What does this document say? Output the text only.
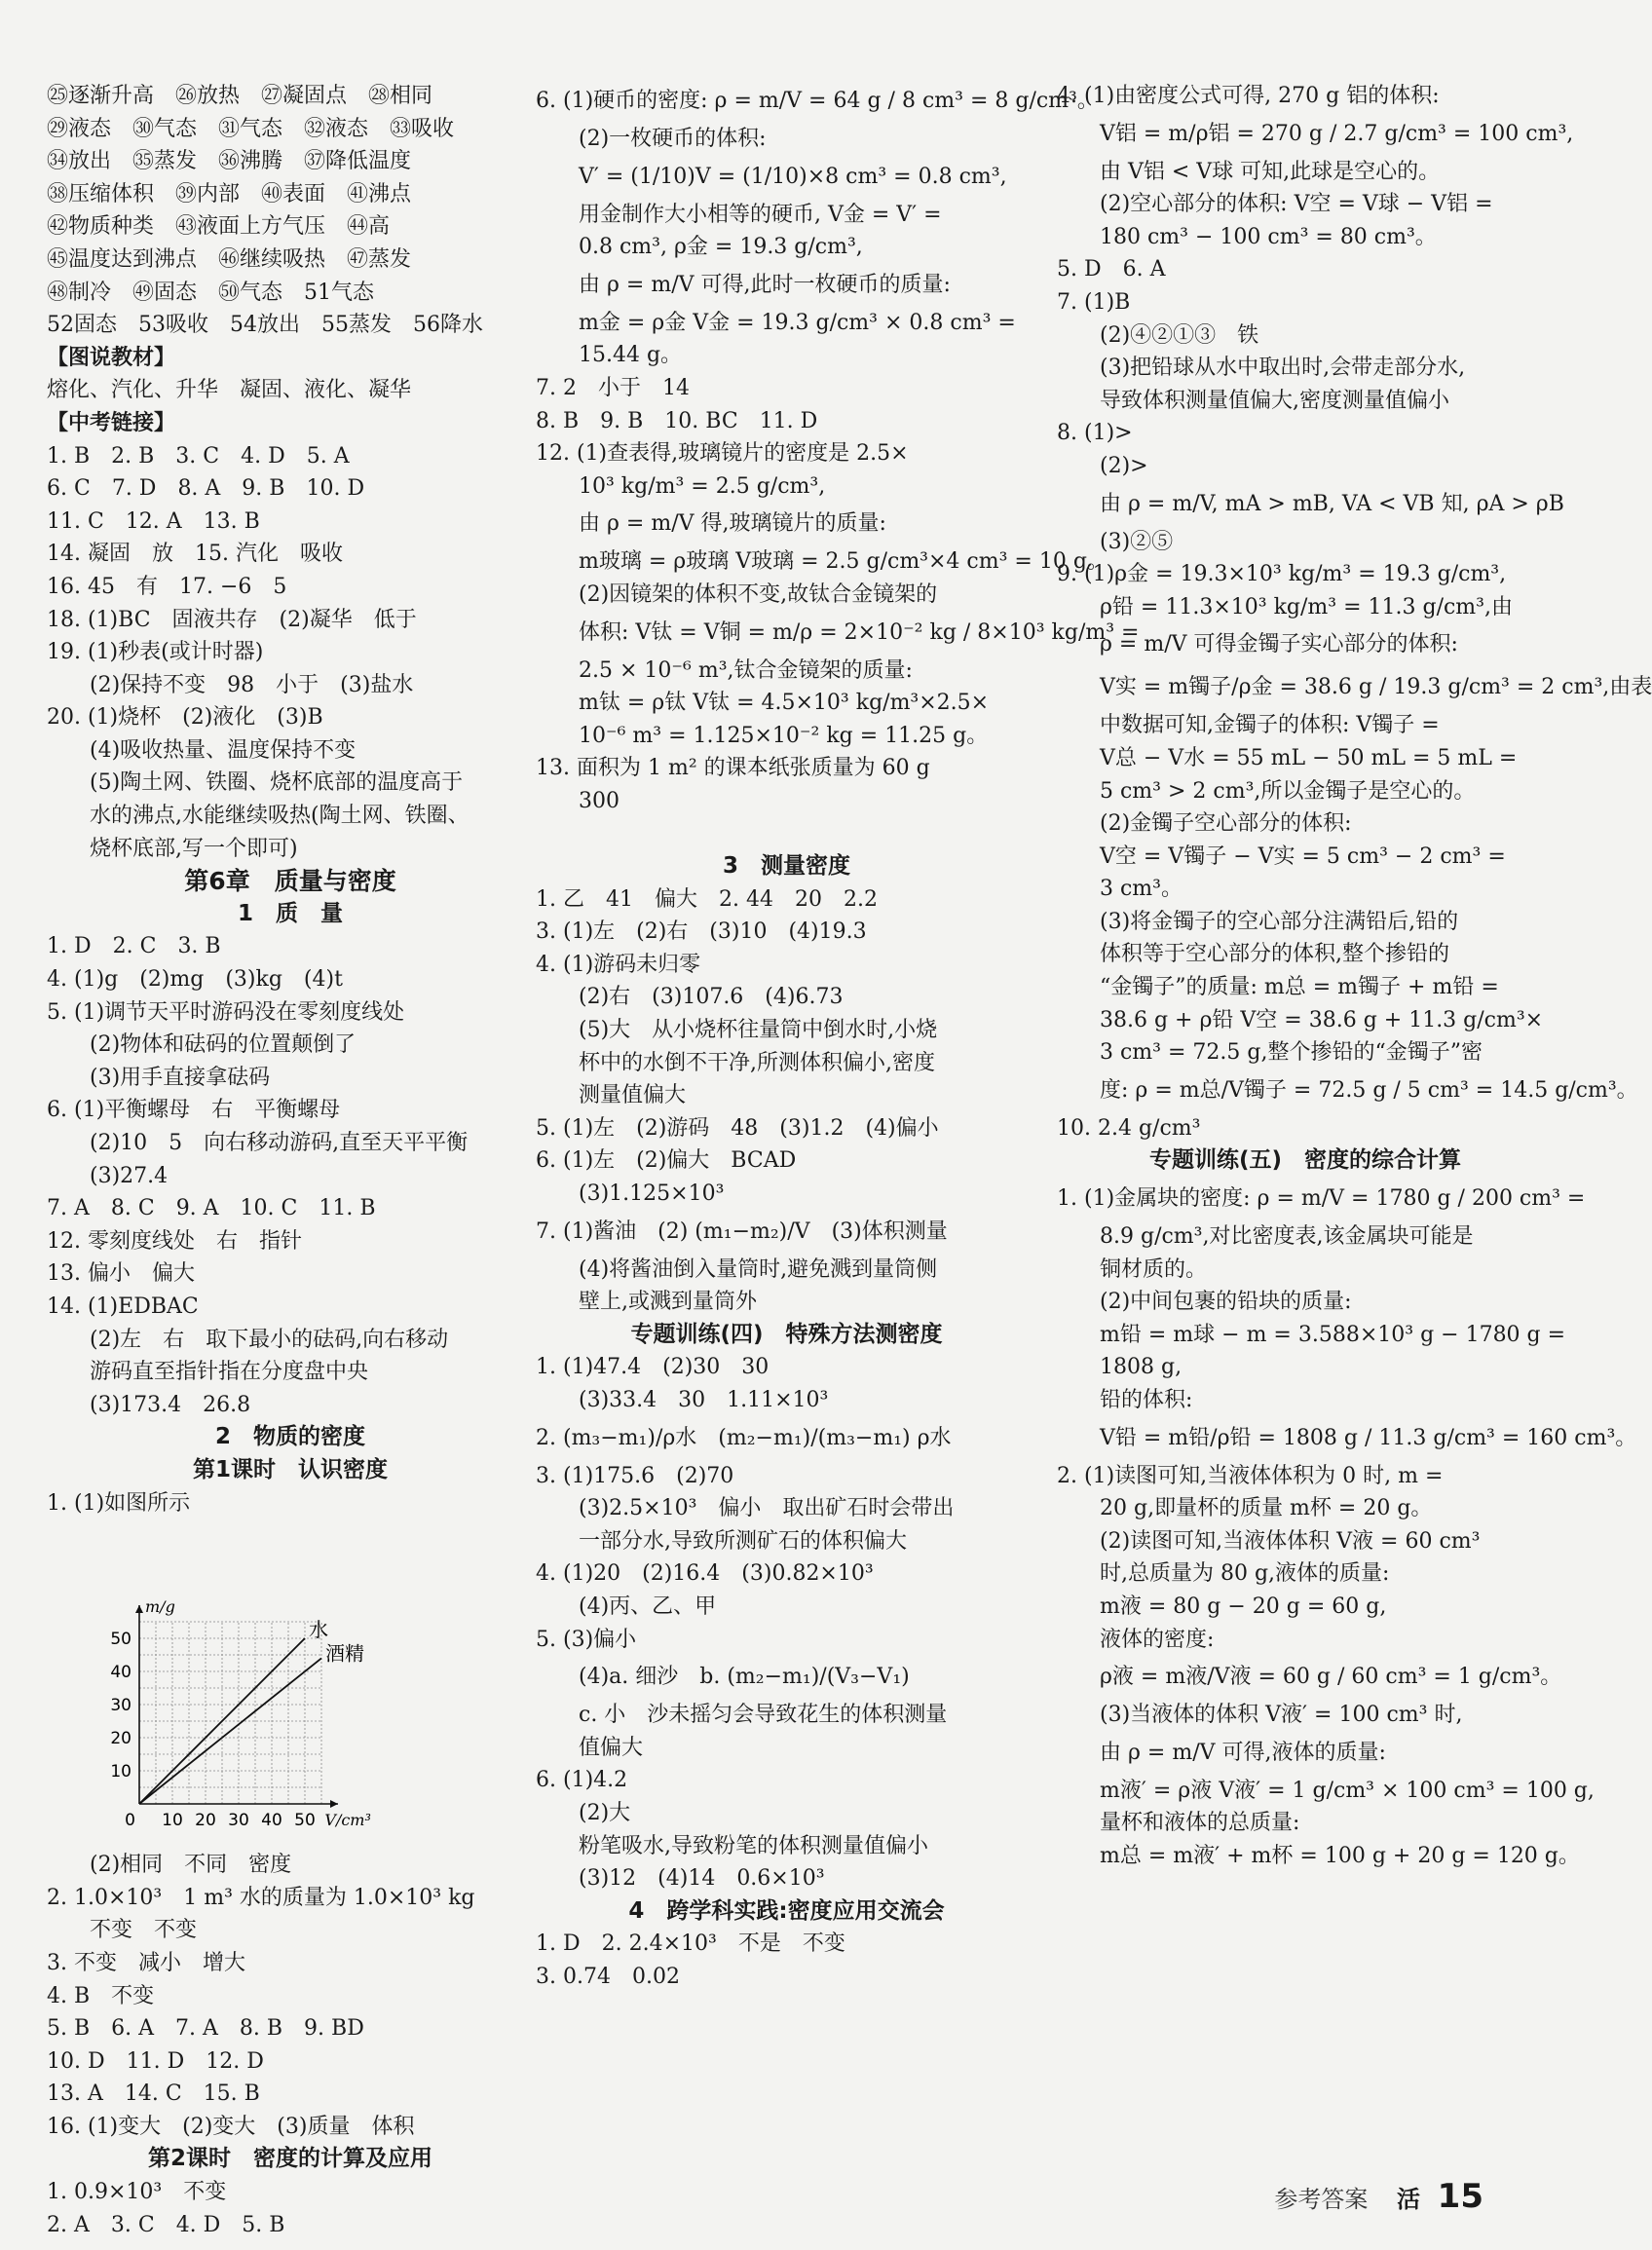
㉕逐渐升高　㉖放热　㉗凝固点　㉘相同
㉙液态　㉚气态　㉛气态　㉜液态　㉝吸收
㉞放出　㉟蒸发　㊱沸腾　㊲降低温度
㊳压缩体积　㊴内部　㊵表面　㊶沸点
㊷物质种类　㊸液面上方气压　㊹高
㊺温度达到沸点　㊻继续吸热　㊼蒸发
㊽制冷　㊾固态　㊿气态　51气态
52固态　53吸收　54放出　55蒸发　56降水
【图说教材】
熔化、汽化、升华　凝固、液化、凝华
【中考链接】
1. B　2. B　3. C　4. D　5. A
6. C　7. D　8. A　9. B　10. D
11. C　12. A　13. B
14. 凝固　放　15. 汽化　吸收
16. 45　有　17. −6　5
18. (1)BC　固液共存　(2)凝华　低于
19. (1)秒表(或计时器)
　　(2)保持不变　98　小于　(3)盐水
20. (1)烧杯　(2)液化　(3)B
　　(4)吸收热量、温度保持不变
　　(5)陶土网、铁圈、烧杯底部的温度高于
　　水的沸点,水能继续吸热(陶土网、铁圈、
　　烧杯底部,写一个即可)
第6章　质量与密度
1　质　量
1. D　2. C　3. B
4. (1)g　(2)mg　(3)kg　(4)t
5. (1)调节天平时游码没在零刻度线处
　　(2)物体和砝码的位置颠倒了
　　(3)用手直接拿砝码
6. (1)平衡螺母　右　平衡螺母
　　(2)10　5　向右移动游码,直至天平平衡
　　(3)27.4
7. A　8. C　9. A　10. C　11. B
12. 零刻度线处　右　指针
13. 偏小　偏大
14. (1)EDBAC
　　(2)左　右　取下最小的砝码,向右移动
　　游码直至指针指在分度盘中央
　　(3)173.4　26.8
2　物质的密度
第1课时　认识密度
1. (1)如图所示
10 20 30 40 50
10
20
30
40
50
0	V/cm³
m/g
水
酒精
　　(2)相同　不同　密度
2. 1.0×10³　1 m³ 水的质量为 1.0×10³ kg
　　不变　不变
3. 不变　减小　增大
4. B　不变
5. B　6. A　7. A　8. B　9. BD
10. D　11. D　12. D
13. A　14. C　15. B
16. (1)变大　(2)变大　(3)质量　体积
第2课时　密度的计算及应用
1. 0.9×10³　不变
2. A　3. C　4. D　5. B
6. (1)硬币的密度: ρ = m/V = 64 g / 8 cm³ = 8 g/cm³。
　　(2)一枚硬币的体积:
　　V′ = (1/10)V = (1/10)×8 cm³ = 0.8 cm³,
　　用金制作大小相等的硬币, V金 = V′ =
　　0.8 cm³, ρ金 = 19.3 g/cm³,
　　由 ρ = m/V 可得,此时一枚硬币的质量:
　　m金 = ρ金 V金 = 19.3 g/cm³ × 0.8 cm³ =
　　15.44 g。
7. 2　小于　14
8. B　9. B　10. BC　11. D
12. (1)查表得,玻璃镜片的密度是 2.5×
　　10³ kg/m³ = 2.5 g/cm³,
　　由 ρ = m/V 得,玻璃镜片的质量:
　　m玻璃 = ρ玻璃 V玻璃 = 2.5 g/cm³×4 cm³ = 10 g。
　　(2)因镜架的体积不变,故钛合金镜架的
　　体积: V钛 = V铜 = m/ρ = 2×10⁻² kg / 8×10³ kg/m³ =
　　2.5 × 10⁻⁶ m³,钛合金镜架的质量:
　　m钛 = ρ钛 V钛 = 4.5×10³ kg/m³×2.5×
　　10⁻⁶ m³ = 1.125×10⁻² kg = 11.25 g。
13. 面积为 1 m² 的课本纸张质量为 60 g
　　300
3　测量密度
1. 乙　41　偏大　2. 44　20　2.2
3. (1)左　(2)右　(3)10　(4)19.3
4. (1)游码未归零
　　(2)右　(3)107.6　(4)6.73
　　(5)大　从小烧杯往量筒中倒水时,小烧
　　杯中的水倒不干净,所测体积偏小,密度
　　测量值偏大
5. (1)左　(2)游码　48　(3)1.2　(4)偏小
6. (1)左　(2)偏大　BCAD
　　(3)1.125×10³
7. (1)酱油　(2) (m₁−m₂)/V　(3)体积测量
　　(4)将酱油倒入量筒时,避免溅到量筒侧
　　壁上,或溅到量筒外
专题训练(四)　特殊方法测密度
1. (1)47.4　(2)30　30
　　(3)33.4　30　1.11×10³
2. (m₃−m₁)/ρ水　(m₂−m₁)/(m₃−m₁) ρ水
3. (1)175.6　(2)70
　　(3)2.5×10³　偏小　取出矿石时会带出
　　一部分水,导致所测矿石的体积偏大
4. (1)20　(2)16.4　(3)0.82×10³
　　(4)丙、乙、甲
5. (3)偏小
　　(4)a. 细沙　b. (m₂−m₁)/(V₃−V₁)
　　c. 小　沙未摇匀会导致花生的体积测量
　　值偏大
6. (1)4.2
　　(2)大
　　粉笔吸水,导致粉笔的体积测量值偏小
　　(3)12　(4)14　0.6×10³
4　跨学科实践:密度应用交流会
1. D　2. 2.4×10³　不是　不变
3. 0.74　0.02
4. (1)由密度公式可得, 270 g 铝的体积:
　　V铝 = m/ρ铝 = 270 g / 2.7 g/cm³ = 100 cm³,
　　由 V铝 < V球 可知,此球是空心的。
　　(2)空心部分的体积: V空 = V球 − V铝 =
　　180 cm³ − 100 cm³ = 80 cm³。
5. D　6. A
7. (1)B
　　(2)④②①③　铁
　　(3)把铅球从水中取出时,会带走部分水,
　　导致体积测量值偏大,密度测量值偏小
8. (1)>
　　(2)>
　　由 ρ = m/V, mA > mB, VA < VB 知, ρA > ρB
　　(3)②⑤
9. (1)ρ金 = 19.3×10³ kg/m³ = 19.3 g/cm³,
　　ρ铅 = 11.3×10³ kg/m³ = 11.3 g/cm³,由
　　ρ = m/V 可得金镯子实心部分的体积:
　　V实 = m镯子/ρ金 = 38.6 g / 19.3 g/cm³ = 2 cm³,由表
　　中数据可知,金镯子的体积: V镯子 =
　　V总 − V水 = 55 mL − 50 mL = 5 mL =
　　5 cm³ > 2 cm³,所以金镯子是空心的。
　　(2)金镯子空心部分的体积:
　　V空 = V镯子 − V实 = 5 cm³ − 2 cm³ =
　　3 cm³。
　　(3)将金镯子的空心部分注满铅后,铅的
　　体积等于空心部分的体积,整个掺铅的
　　“金镯子”的质量: m总 = m镯子 + m铅 =
　　38.6 g + ρ铅 V空 = 38.6 g + 11.3 g/cm³×
　　3 cm³ = 72.5 g,整个掺铅的“金镯子”密
　　度: ρ = m总/V镯子 = 72.5 g / 5 cm³ = 14.5 g/cm³。
10. 2.4 g/cm³
专题训练(五)　密度的综合计算
1. (1)金属块的密度: ρ = m/V = 1780 g / 200 cm³ =
　　8.9 g/cm³,对比密度表,该金属块可能是
　　铜材质的。
　　(2)中间包裹的铅块的质量:
　　m铅 = m球 − m = 3.588×10³ g − 1780 g =
　　1808 g,
　　铅的体积:
　　V铅 = m铅/ρ铅 = 1808 g / 11.3 g/cm³ = 160 cm³。
2. (1)读图可知,当液体体积为 0 时, m =
　　20 g,即量杯的质量 m杯 = 20 g。
　　(2)读图可知,当液体体积 V液 = 60 cm³
　　时,总质量为 80 g,液体的质量:
　　m液 = 80 g − 20 g = 60 g,
　　液体的密度:
　　ρ液 = m液/V液 = 60 g / 60 cm³ = 1 g/cm³。
　　(3)当液体的体积 V液′ = 100 cm³ 时,
　　由 ρ = m/V 可得,液体的质量:
　　m液′ = ρ液 V液′ = 1 g/cm³ × 100 cm³ = 100 g,
　　量杯和液体的总质量:
　　m总 = m液′ + m杯 = 100 g + 20 g = 120 g。
参考答案 活 15
